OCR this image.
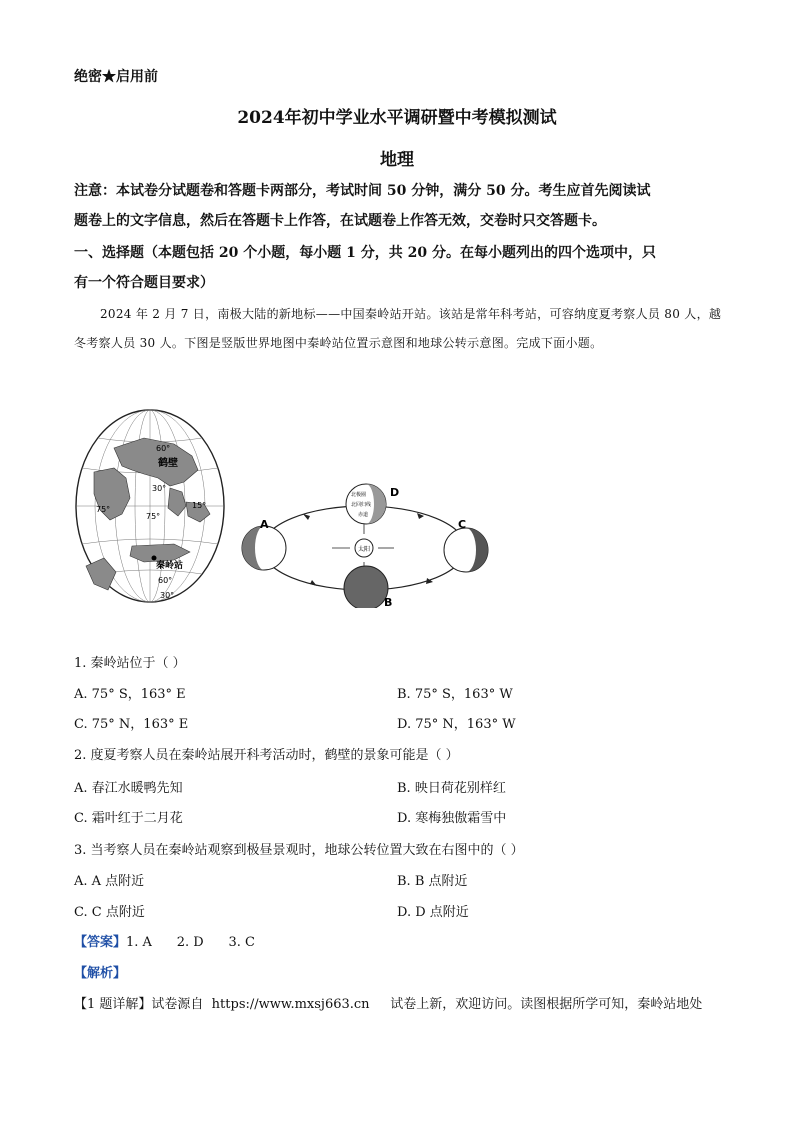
绝密★启用前
2024年初中学业水平调研暨中考模拟测试
地理
注意：本试卷分试题卷和答题卡两部分，考试时间 50 分钟，满分 50 分。考生应首先阅读试
题卷上的文字信息，然后在答题卡上作答，在试题卷上作答无效，交卷时只交答题卡。
一、选择题（本题包括 20 个小题，每小题 1 分，共 20 分。在每小题列出的四个选项中，只
有一个符合题目要求）
2024 年 2 月 7 日，南极大陆的新地标——中国秦岭站开站。该站是常年科考站，可容纳度夏考察人员 80 人，越冬考察人员 30 人。下图是竖版世界地图中秦岭站位置示意图和地球公转示意图。完成下面小题。
60°
鹤壁
30°
75°
75°
15°
秦岭站
60°
30°
太阳
北极圈
北回归线
赤道
D
A	C
B
1. 秦岭站位于（ ）
A. 75° S，163° E	B. 75° S，163° W
C. 75° N，163° E	D. 75° N，163° W
2. 度夏考察人员在秦岭站展开科考活动时，鹤壁的景象可能是（ ）
A. 春江水暖鸭先知	B. 映日荷花别样红
C. 霜叶红于二月花	D. 寒梅独傲霜雪中
3. 当考察人员在秦岭站观察到极昼景观时，地球公转位置大致在右图中的（ ）
A. A 点附近	B. B 点附近
C. C 点附近	D. D 点附近
【答案】1. A      2. D      3. C
【解析】
【1 题详解】试卷源自  https://www.mxsj663.cn     试卷上新，欢迎访问。读图根据所学可知，秦岭站地处
